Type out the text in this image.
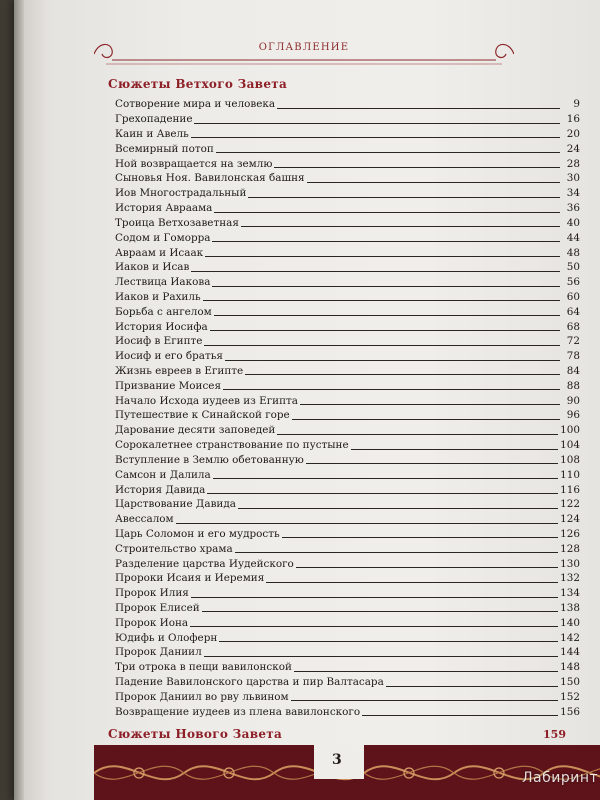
ОГЛАВЛЕНИЕ
Сюжеты Ветхого Завета
Сотворение мира и человека	9
Грехопадение	16
Каин и Авель	20
Всемирный потоп	24
Ной возвращается на землю	28
Сыновья Ноя. Вавилонская башня	30
Иов Многострадальный	34
История Авраама	36
Троица Ветхозаветная	40
Содом и Гоморра	44
Авраам и Исаак	48
Иаков и Исав	50
Лествица Иакова	56
Иаков и Рахиль	60
Борьба с ангелом	64
История Иосифа	68
Иосиф в Египте	72
Иосиф и его братья	78
Жизнь евреев в Египте	84
Призвание Моисея	88
Начало Исхода иудеев из Египта	90
Путешествие к Синайской горе	96
Дарование десяти заповедей	100
Сорокалетнее странствование по пустыне	104
Вступление в Землю обетованную	108
Самсон и Далила	110
История Давида	116
Царствование Давида	122
Авессалом	124
Царь Соломон и его мудрость	126
Строительство храма	128
Разделение царства Иудейского	130
Пророки Исаия и Иеремия	132
Пророк Илия	134
Пророк Елисей	138
Пророк Иона	140
Юдифь и Олоферн	142
Пророк Даниил	144
Три отрока в пещи вавилонской	148
Падение Вавилонского царства и пир Валтасара	150
Пророк Даниил во рву львином	152
Возвращение иудеев из плена вавилонского	156
Сюжеты Нового Завета	159
3
Лабиринт
